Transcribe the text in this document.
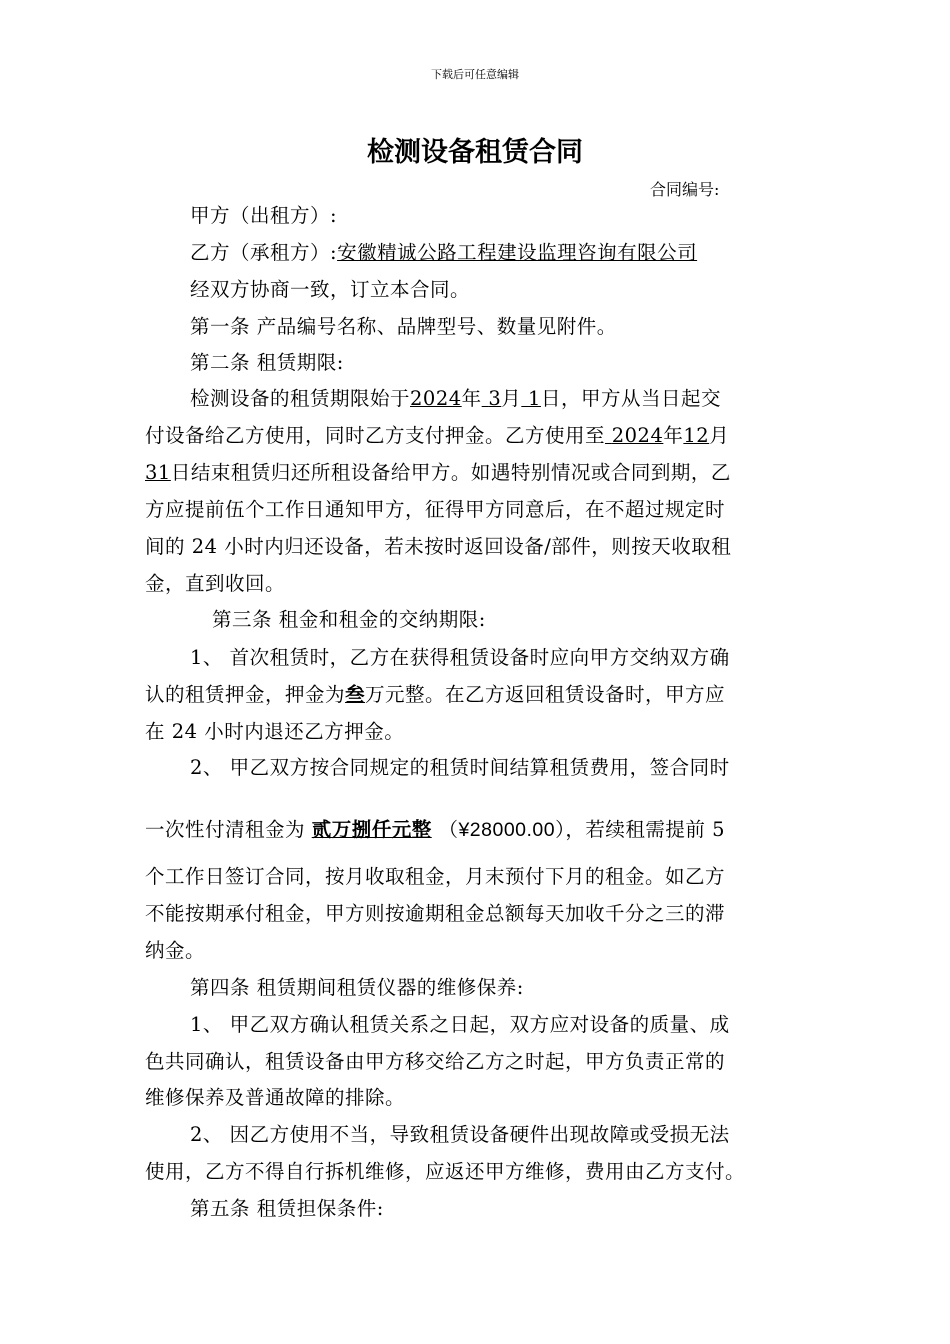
下载后可任意编辑
检测设备租赁合同
合同编号:
甲方（出租方）:
乙方（承租方）:安徽精诚公路工程建设监理咨询有限公司
经双方协商一致，订立本合同。
第一条 产品编号名称、品牌型号、数量见附件。
第二条 租赁期限:
检测设备的租赁期限始于2024年 3月 1日，甲方从当日起交
付设备给乙方使用，同时乙方支付押金。乙方使用至 2024年12月
31日结束租赁归还所租设备给甲方。如遇特别情况或合同到期，乙
方应提前伍个工作日通知甲方，征得甲方同意后，在不超过规定时
间的 24 小时内归还设备，若未按时返回设备/部件，则按天收取租
金，直到收回。
第三条 租金和租金的交纳期限:
1、 首次租赁时，乙方在获得租赁设备时应向甲方交纳双方确
认的租赁押金，押金为叁万元整。在乙方返回租赁设备时，甲方应
在 24 小时内退还乙方押金。
2、 甲乙双方按合同规定的租赁时间结算租赁费用，签合同时
一次性付清租金为 贰万捌仟元整 （¥28000.00），若续租需提前 5
个工作日签订合同，按月收取租金，月末预付下月的租金。如乙方
不能按期承付租金，甲方则按逾期租金总额每天加收千分之三的滞
纳金。
第四条 租赁期间租赁仪器的维修保养:
1、 甲乙双方确认租赁关系之日起，双方应对设备的质量、成
色共同确认，租赁设备由甲方移交给乙方之时起，甲方负责正常的
维修保养及普通故障的排除。
2、 因乙方使用不当，导致租赁设备硬件出现故障或受损无法
使用，乙方不得自行拆机维修，应返还甲方维修，费用由乙方支付。
第五条 租赁担保条件:
